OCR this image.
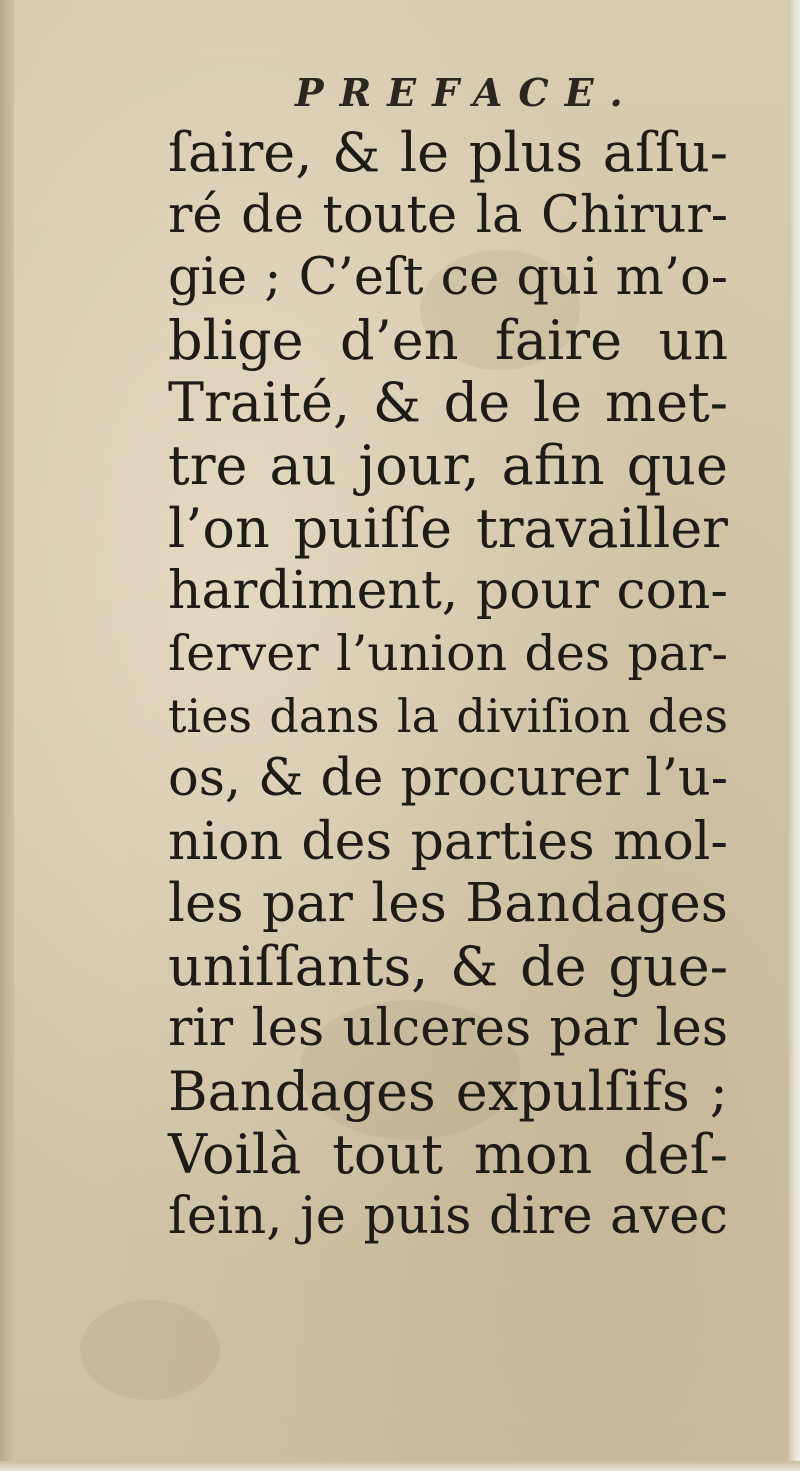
PREFACE.
ſaire, & le plus aſſu-
ré de toute la Chirur-
gie ; C’eſt ce qui m’o-
blige d’en faire un
Traité, & de le met-
tre au jour, afin que
l’on puiſſe travailler
hardiment, pour con-
ſerver l’union des par-
ties dans la diviſion des
os, & de procurer l’u-
nion des parties mol-
les par les Bandages
uniſſants, & de gue-
rir les ulceres par les
Bandages expulſifs ;
Voilà tout mon deſ-
ſein, je puis dire avec
